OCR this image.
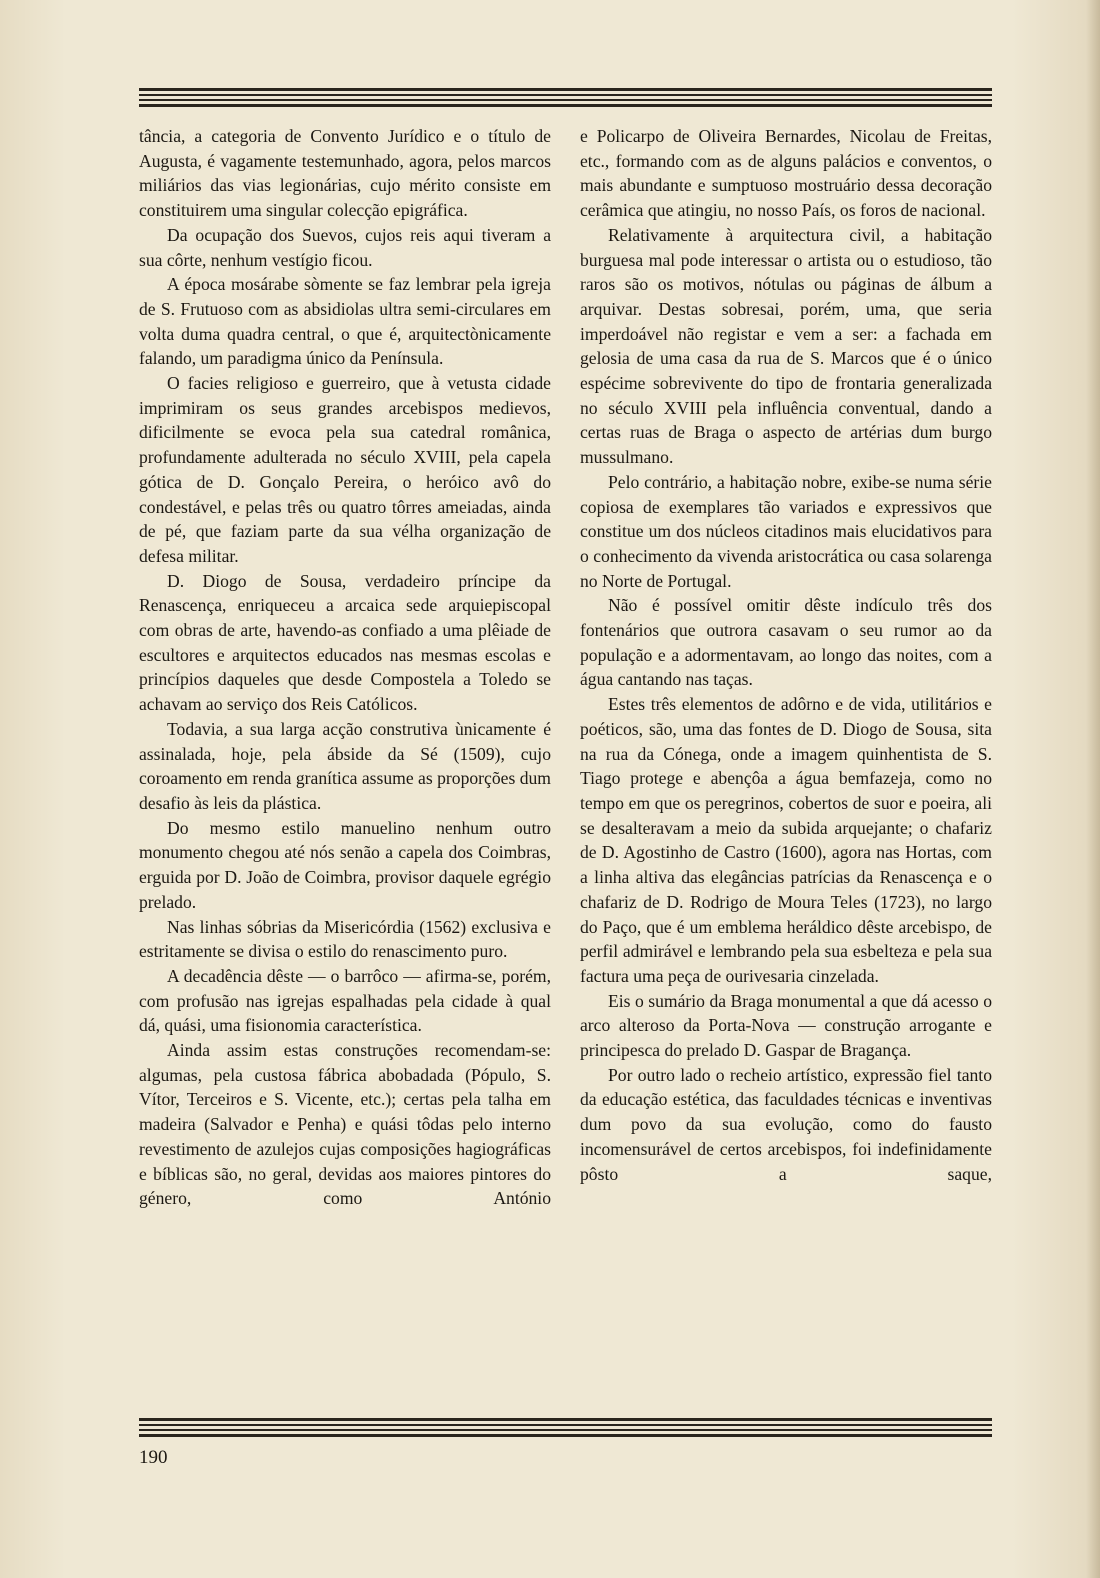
tância, a categoria de Convento Jurídico e o título de Augusta, é vagamente testemunhado, agora, pelos marcos miliários das vias legionárias, cujo mérito consiste em constituirem uma singular colecção epigráfica.

Da ocupação dos Suevos, cujos reis aqui tiveram a sua côrte, nenhum vestígio ficou.

A época mosárabe sòmente se faz lembrar pela igreja de S. Frutuoso com as absidiolas ultra semi-circulares em volta duma quadra central, o que é, arquitectònicamente falando, um paradigma único da Península.

O facies religioso e guerreiro, que à vetusta cidade imprimiram os seus grandes arcebispos medievos, dificilmente se evoca pela sua catedral românica, profundamente adulterada no século XVIII, pela capela gótica de D. Gonçalo Pereira, o heróico avô do condestável, e pelas três ou quatro tôrres ameiadas, ainda de pé, que faziam parte da sua vélha organização de defesa militar.

D. Diogo de Sousa, verdadeiro príncipe da Renascença, enriqueceu a arcaica sede arquiepiscopal com obras de arte, havendo-as confiado a uma plêiade de escultores e arquitectos educados nas mesmas escolas e princípios daqueles que desde Compostela a Toledo se achavam ao serviço dos Reis Católicos.

Todavia, a sua larga acção construtiva ùnicamente é assinalada, hoje, pela ábside da Sé (1509), cujo coroamento em renda granítica assume as proporções dum desafio às leis da plástica.

Do mesmo estilo manuelino nenhum outro monumento chegou até nós senão a capela dos Coimbras, erguida por D. João de Coimbra, provisor daquele egrégio prelado.

Nas linhas sóbrias da Misericórdia (1562) exclusiva e estritamente se divisa o estilo do renascimento puro.

A decadência dêste — o barrôco — afirma-se, porém, com profusão nas igrejas espalhadas pela cidade à qual dá, quási, uma fisionomia característica.

Ainda assim estas construções recomendam-se: algumas, pela custosa fábrica abobadada (Pópulo, S. Vítor, Terceiros e S. Vicente, etc.); certas pela talha em madeira (Salvador e Penha) e quási tôdas pelo interno revestimento de azulejos cujas composições hagiográficas e bíblicas são, no geral, devidas aos maiores pintores do género, como António

e Policarpo de Oliveira Bernardes, Nicolau de Freitas, etc., formando com as de alguns palácios e conventos, o mais abundante e sumptuoso mostruário dessa decoração cerâmica que atingiu, no nosso País, os foros de nacional.

Relativamente à arquitectura civil, a habitação burguesa mal pode interessar o artista ou o estudioso, tão raros são os motivos, nótulas ou páginas de álbum a arquivar. Destas sobresai, porém, uma, que seria imperdoável não registar e vem a ser: a fachada em gelosia de uma casa da rua de S. Marcos que é o único espécime sobrevivente do tipo de frontaria generalizada no século XVIII pela influência conventual, dando a certas ruas de Braga o aspecto de artérias dum burgo mussulmano.

Pelo contrário, a habitação nobre, exibe-se numa série copiosa de exemplares tão variados e expressivos que constitue um dos núcleos citadinos mais elucidativos para o conhecimento da vivenda aristocrática ou casa solarenga no Norte de Portugal.

Não é possível omitir dêste indículo três dos fontenários que outrora casavam o seu rumor ao da população e a adormentavam, ao longo das noites, com a água cantando nas taças.

Estes três elementos de adôrno e de vida, utilitários e poéticos, são, uma das fontes de D. Diogo de Sousa, sita na rua da Cónega, onde a imagem quinhentista de S. Tiago protege e abençôa a água bemfazeja, como no tempo em que os peregrinos, cobertos de suor e poeira, ali se desalteravam a meio da subida arquejante; o chafariz de D. Agostinho de Castro (1600), agora nas Hortas, com a linha altiva das elegâncias patrícias da Renascença e o chafariz de D. Rodrigo de Moura Teles (1723), no largo do Paço, que é um emblema heráldico dêste arcebispo, de perfil admirável e lembrando pela sua esbelteza e pela sua factura uma peça de ourivesaria cinzelada.

Eis o sumário da Braga monumental a que dá acesso o arco alteroso da Porta-Nova — construção arrogante e principesca do prelado D. Gaspar de Bragança.

Por outro lado o recheio artístico, expressão fiel tanto da educação estética, das faculdades técnicas e inventivas dum povo da sua evolução, como do fausto incomensurável de certos arcebispos, foi indefinidamente pôsto a saque,

190
